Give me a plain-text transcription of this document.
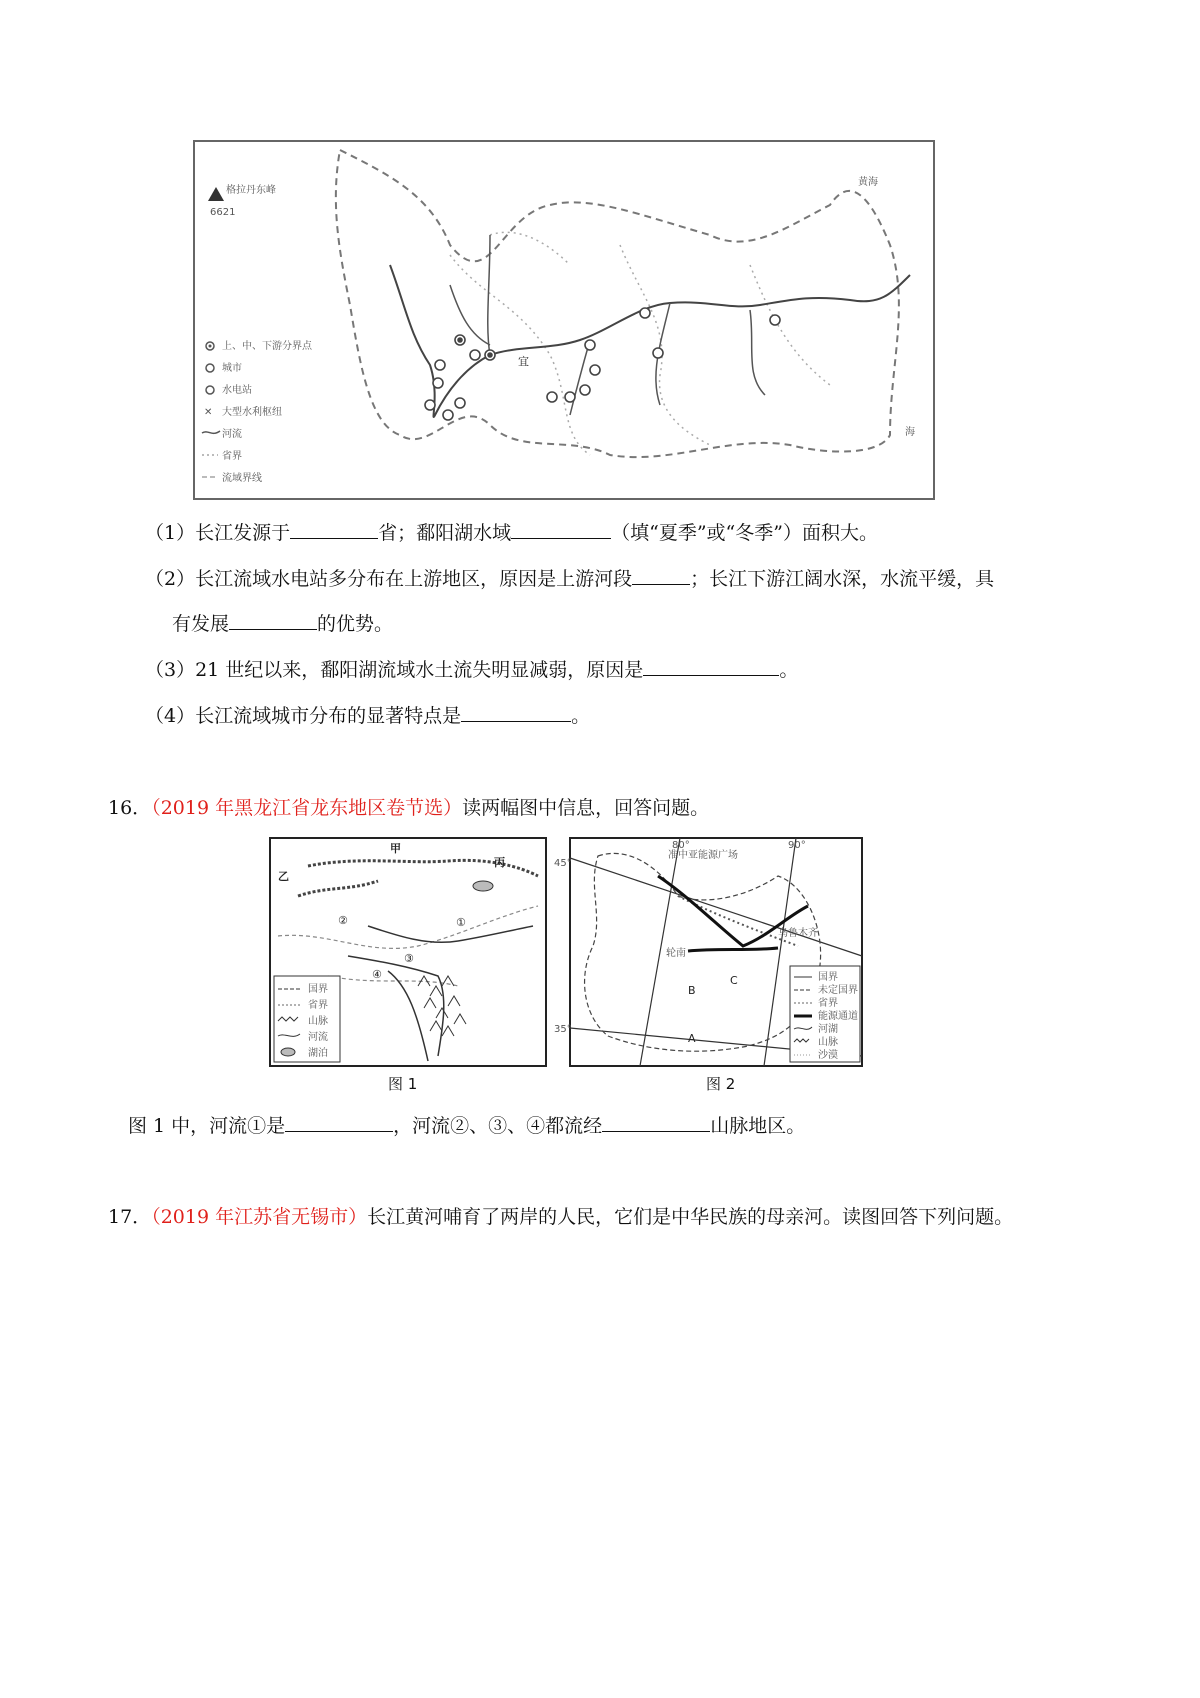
格拉丹东峰
6621
宜
黄海
海
上、中、下游分界点
城市
水电站
✕ 大型水利枢纽
河流
省界
流域界线
（1）长江发源于	省；鄱阳湖水域	（填“夏季”或“冬季”）面积大。
（2）长江流域水电站多分布在上游地区，原因是上游河段	；长江下游江阔水深，水流平缓，具
有发展	的优势。
（3）21 世纪以来，鄱阳湖流域水土流失明显减弱，原因是	。
（4）长江流域城市分布的显著特点是	。
16．（2019 年黑龙江省龙东地区卷节选）读两幅图中信息，回答问题。
甲
乙
丙
①
②
③
④
国界
省界
山脉
河流
湖泊
图 1
准中亚能源广场
80°	90°
45°
35°
乌鲁木齐
轮南
A
B
C	国界
未定国界
省界
能源通道
河湖
山脉
沙漠
图 2
图 1 中，河流①是	，河流②、③、④都流经	山脉地区。
17．（2019 年江苏省无锡市）长江黄河哺育了两岸的人民，它们是中华民族的母亲河。读图回答下列问题。
